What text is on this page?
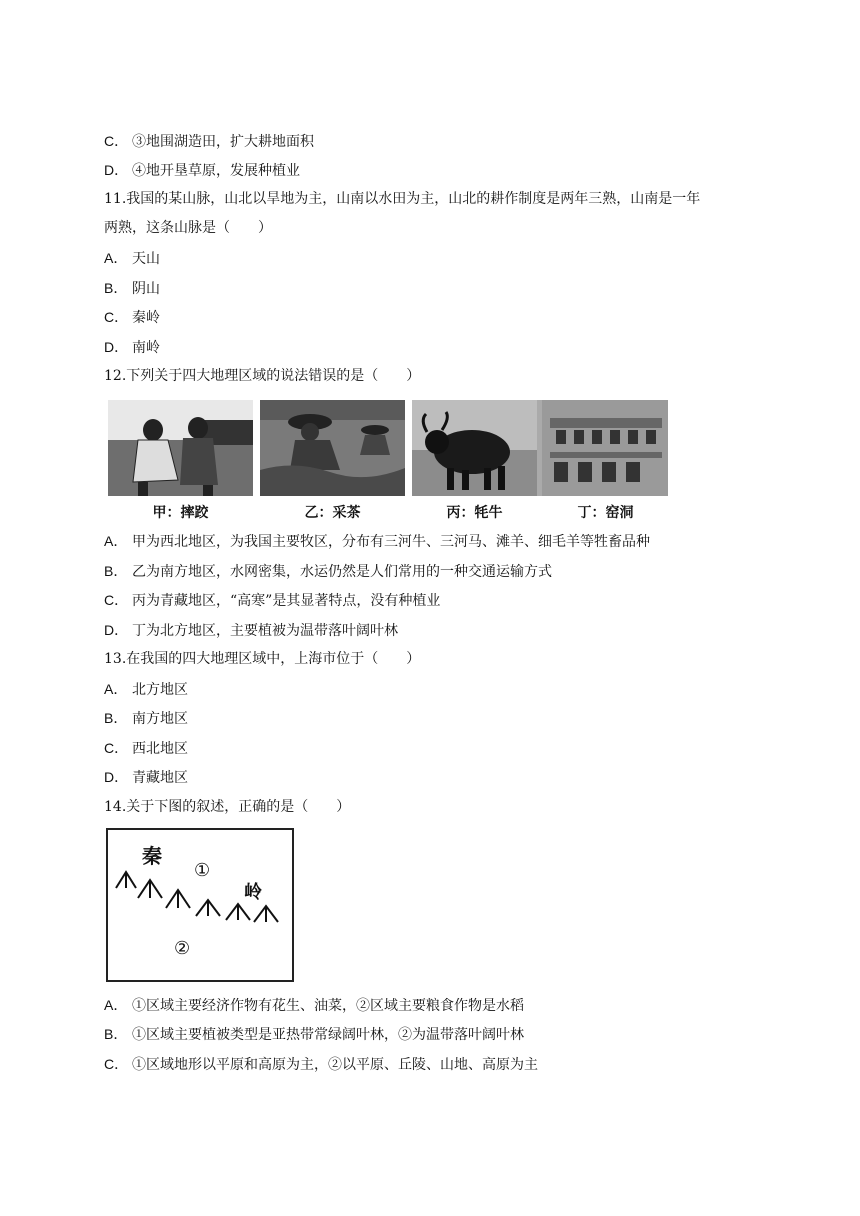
C． ③地围湖造田，扩大耕地面积
D． ④地开垦草原，发展种植业
11.我国的某山脉，山北以旱地为主，山南以水田为主，山北的耕作制度是两年三熟，山南是一年
两熟，这条山脉是（　　）
A． 天山
B． 阴山
C． 秦岭
D． 南岭
12.下列关于四大地理区域的说法错误的是（　　）
甲：摔跤	乙：采茶	丙：牦牛	丁：窑洞
A． 甲为西北地区，为我国主要牧区，分布有三河牛、三河马、滩羊、细毛羊等牲畜品种
B． 乙为南方地区，水网密集，水运仍然是人们常用的一种交通运输方式
C． 丙为青藏地区，“高寒”是其显著特点，没有种植业
D． 丁为北方地区，主要植被为温带落叶阔叶林
13.在我国的四大地理区域中，上海市位于（　　）
A． 北方地区
B． 南方地区
C． 西北地区
D． 青藏地区
14.关于下图的叙述，正确的是（　　）
秦
岭
①
②
A． ①区域主要经济作物有花生、油菜，②区域主要粮食作物是水稻
B． ①区域主要植被类型是亚热带常绿阔叶林，②为温带落叶阔叶林
C． ①区域地形以平原和高原为主，②以平原、丘陵、山地、高原为主
